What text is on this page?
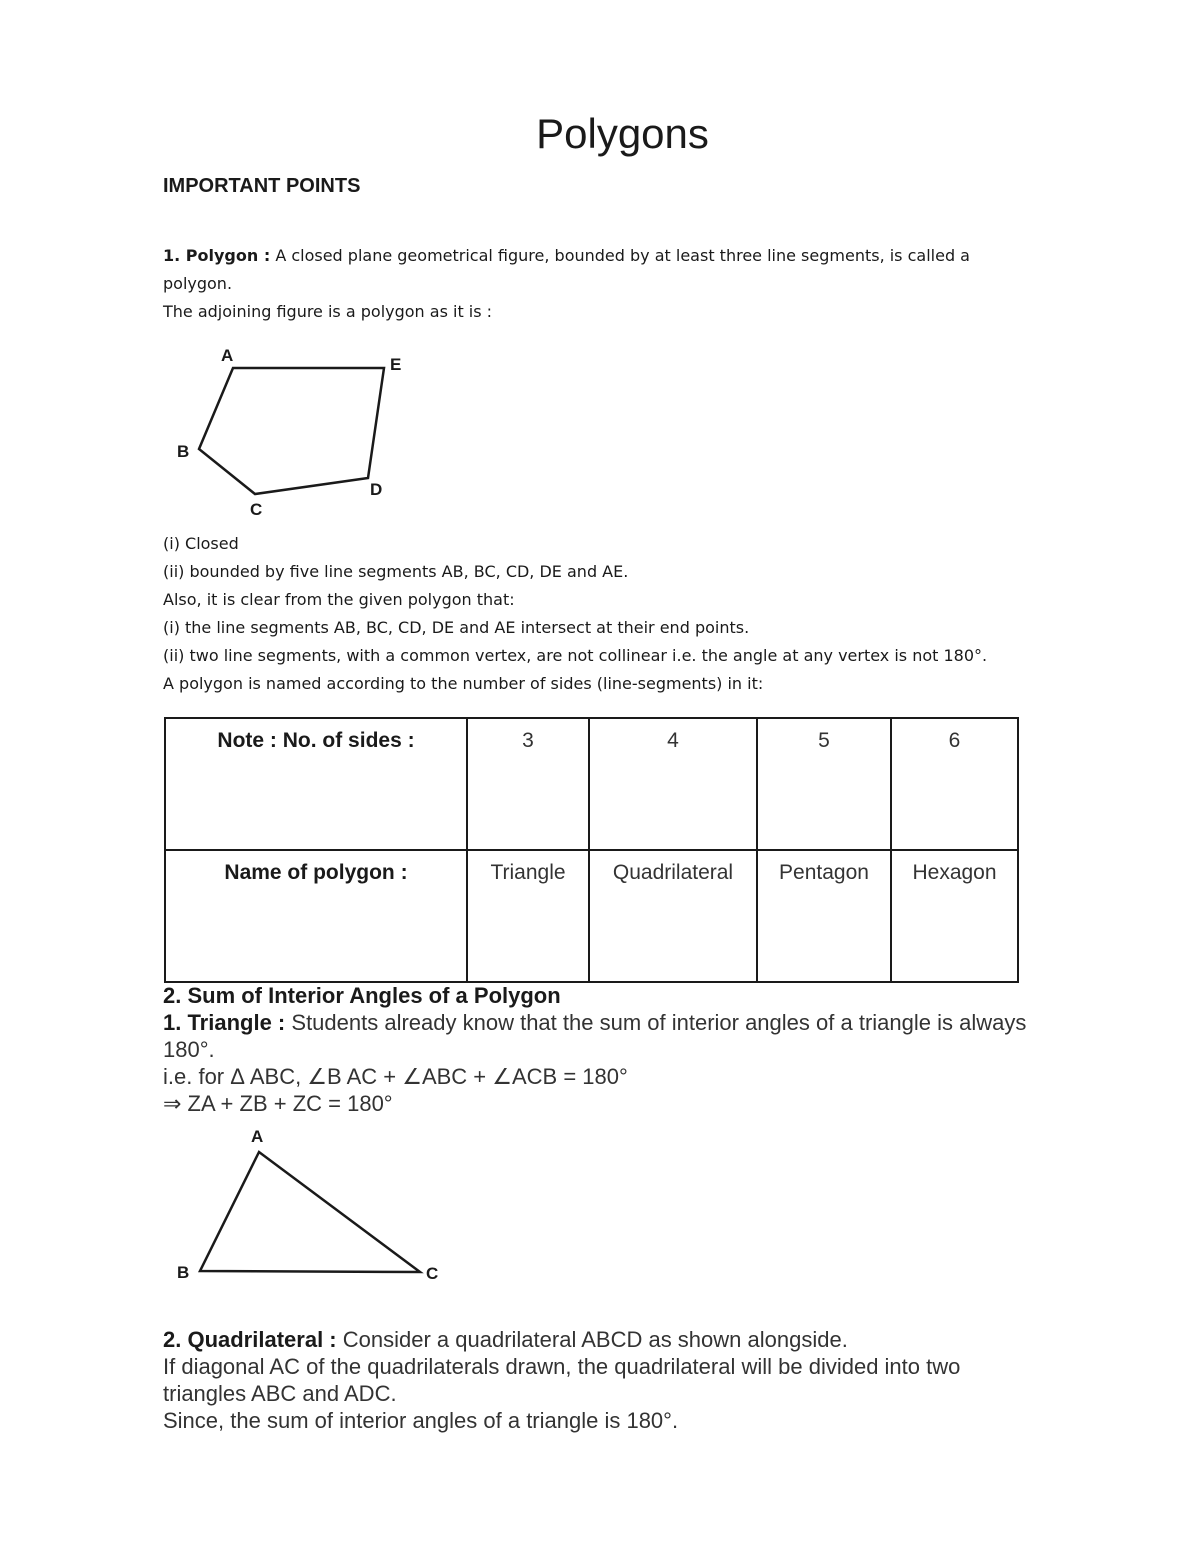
Polygons
IMPORTANT POINTS
1. Polygon : A closed plane geometrical figure, bounded by at least three line segments, is called a polygon.
The adjoining figure is a polygon as it is :
A	E
B
D
C
A
B	C
(i) Closed
(ii) bounded by five line segments AB, BC, CD, DE and AE.
Also, it is clear from the given polygon that:
(i) the line segments AB, BC, CD, DE and AE intersect at their end points.
(ii) two line segments, with a common vertex, are not collinear i.e. the angle at any vertex is not 180°.
A polygon is named according to the number of sides (line-segments) in it:
Note : No. of sides :	3	4	5	6
Name of polygon :	Triangle	Quadrilateral	Pentagon	Hexagon
2. Sum of Interior Angles of a Polygon
1. Triangle : Students already know that the sum of interior angles of a triangle is always 180°.
i.e. for Δ ABC, ∠B AC + ∠ABC + ∠ACB = 180°
⇒ ZA + ZB + ZC = 180°
2. Quadrilateral : Consider a quadrilateral ABCD as shown alongside.
If diagonal AC of the quadrilaterals drawn, the quadrilateral will be divided into two triangles ABC and ADC.
Since, the sum of interior angles of a triangle is 180°.
